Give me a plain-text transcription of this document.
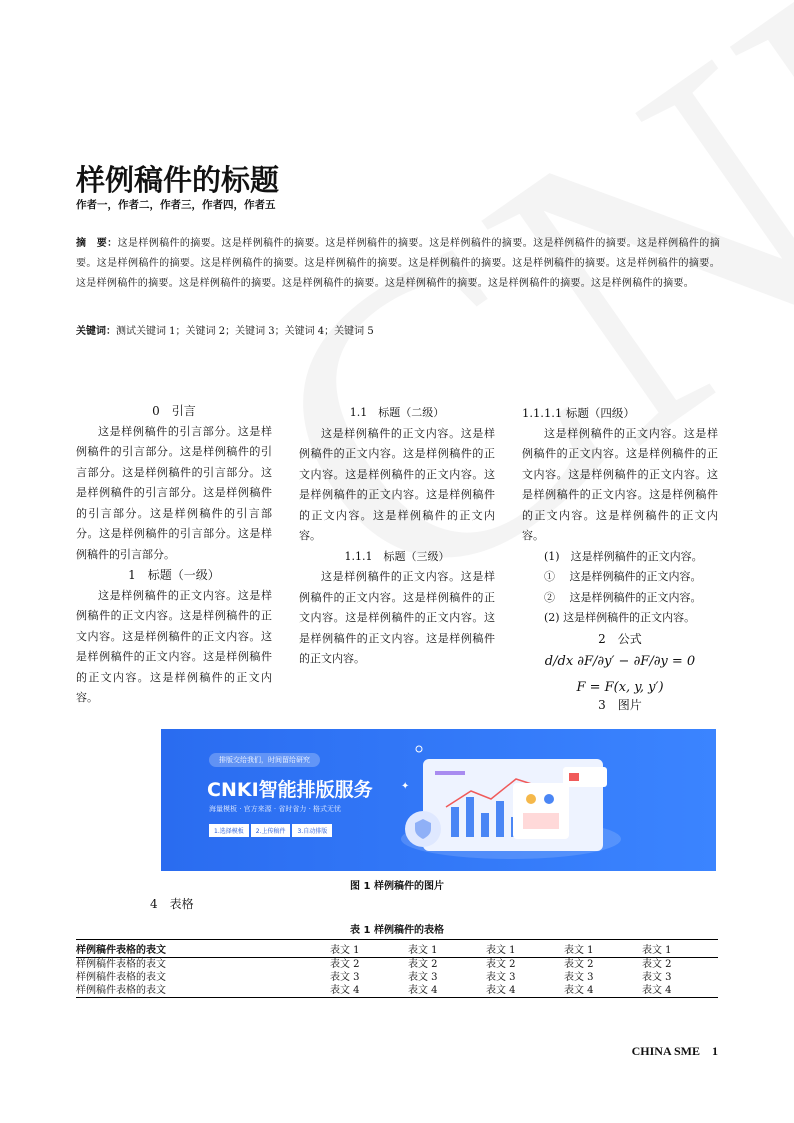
样例稿件的标题
作者一，作者二，作者三，作者四，作者五
摘　要：这是样例稿件的摘要。这是样例稿件的摘要。这是样例稿件的摘要。这是样例稿件的摘要。这是样例稿件的摘要。这是样例稿件的摘要。这是样例稿件的摘要。这是样例稿件的摘要。这是样例稿件的摘要。这是样例稿件的摘要。这是样例稿件的摘要。这是样例稿件的摘要。这是样例稿件的摘要。这是样例稿件的摘要。这是样例稿件的摘要。这是样例稿件的摘要。这是样例稿件的摘要。这是样例稿件的摘要。
关键词：测试关键词 1；关键词 2；关键词 3；关键词 4；关键词 5
0　引言

这是样例稿件的引言部分。这是样例稿件的引言部分。这是样例稿件的引言部分。这是样例稿件的引言部分。这是样例稿件的引言部分。这是样例稿件的引言部分。这是样例稿件的引言部分。这是样例稿件的引言部分。这是样例稿件的引言部分。

1　标题（一级）

这是样例稿件的正文内容。这是样例稿件的正文内容。这是样例稿件的正文内容。这是样例稿件的正文内容。这是样例稿件的正文内容。这是样例稿件的正文内容。这是样例稿件的正文内容。

1.1　标题（二级）

这是样例稿件的正文内容。这是样例稿件的正文内容。这是样例稿件的正文内容。这是样例稿件的正文内容。这是样例稿件的正文内容。这是样例稿件的正文内容。这是样例稿件的正文内容。

1.1.1　标题（三级）

这是样例稿件的正文内容。这是样例稿件的正文内容。这是样例稿件的正文内容。这是样例稿件的正文内容。这是样例稿件的正文内容。这是样例稿件的正文内容。

1.1.1.1 标题（四级）

这是样例稿件的正文内容。这是样例稿件的正文内容。这是样例稿件的正文内容。这是样例稿件的正文内容。这是样例稿件的正文内容。这是样例稿件的正文内容。这是样例稿件的正文内容。

(1)　这是样例稿件的正文内容。

①　 这是样例稿件的正文内容。

②　 这是样例稿件的正文内容。

(2) 这是样例稿件的正文内容。

2　公式
d/dx ∂F/∂y′ − ∂F/∂y = 0
F = F(x, y, y′)
3　图片
排版交给我们，时间留给研究
CNKI智能排版服务
海量模板 · 官方来源 · 省时省力 · 格式无忧
1.选择模板	2.上传稿件	3.自动排版
✦
图 1 样例稿件的图片
4　表格
表 1 样例稿件的表格
样例稿件表格的表文	表文 1	表文 1	表文 1	表文 1	表文 1
样例稿件表格的表文	表文 2	表文 2	表文 2	表文 2	表文 2
样例稿件表格的表文	表文 3	表文 3	表文 3	表文 3	表文 3
样例稿件表格的表文	表文 4	表文 4	表文 4	表文 4	表文 4
CHINA SME　1
